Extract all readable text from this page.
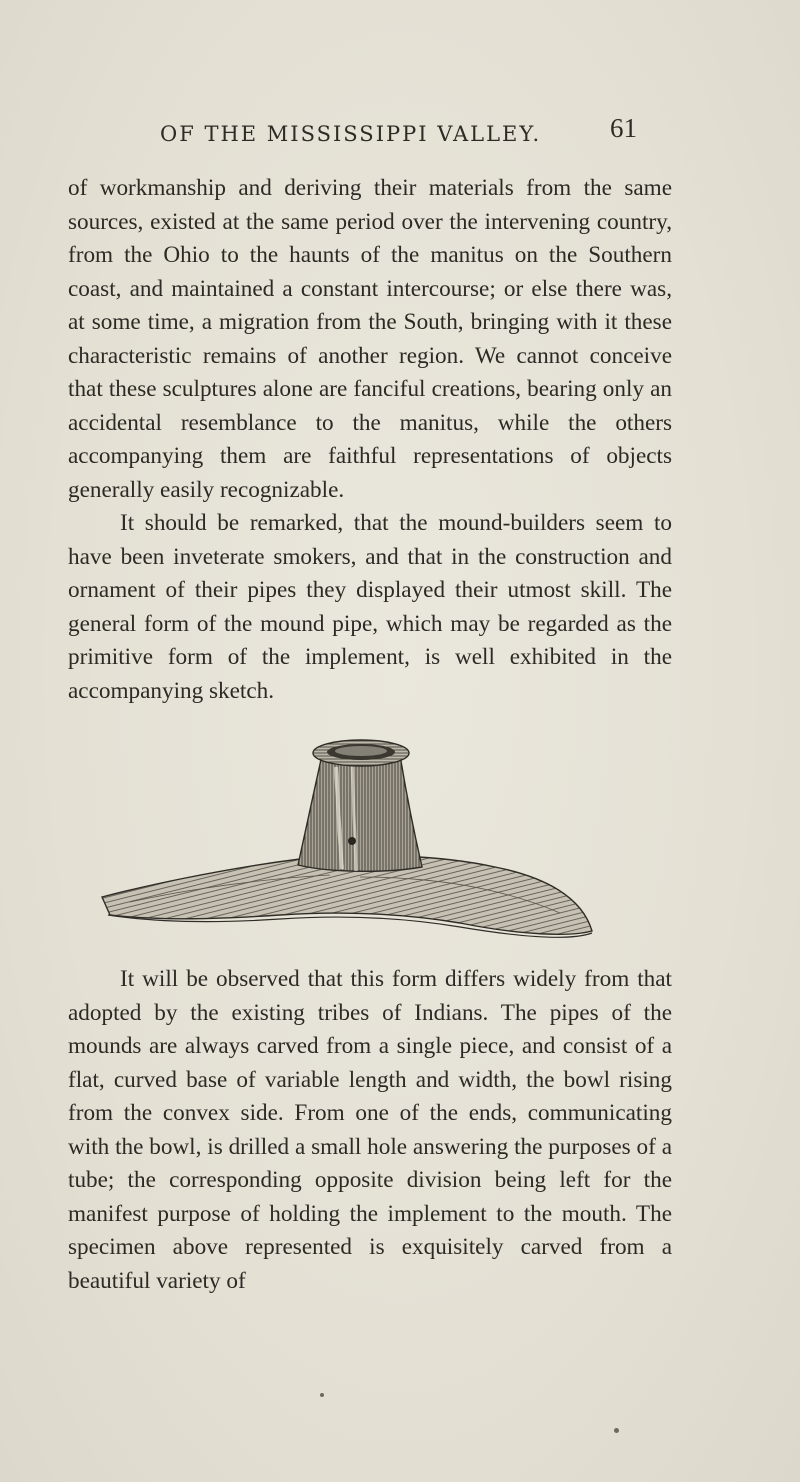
OF THE MISSISSIPPI VALLEY.	61

of workmanship and deriving their materials from the same sources, existed at the same period over the intervening country, from the Ohio to the haunts of the manitus on the Southern coast, and maintained a constant intercourse; or else there was, at some time, a migration from the South, bringing with it these characteristic remains of another region. We cannot conceive that these sculptures alone are fanciful creations, bearing only an accidental resemblance to the manitus, while the others accompanying them are faithful representations of objects generally easily recognizable.

It should be remarked, that the mound-builders seem to have been inveterate smokers, and that in the construction and ornament of their pipes they displayed their utmost skill. The general form of the mound pipe, which may be regarded as the primitive form of the implement, is well exhibited in the accompanying sketch.

It will be observed that this form differs widely from that adopted by the existing tribes of Indians. The pipes of the mounds are always carved from a single piece, and consist of a flat, curved base of variable length and width, the bowl rising from the convex side. From one of the ends, communicating with the bowl, is drilled a small hole answering the purposes of a tube; the corresponding opposite division being left for the manifest purpose of holding the implement to the mouth. The specimen above represented is exquisitely carved from a beautiful variety of
